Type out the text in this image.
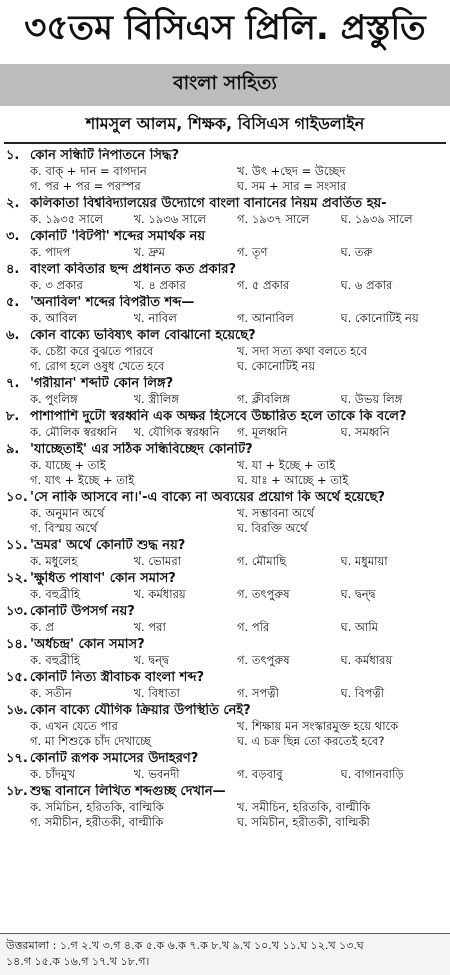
৩৫তম বিসিএস প্রিলি. প্রস্তুতি
বাংলা সাহিত্য
শামসুল আলম, শিক্ষক, বিসিএস গাইডলাইন
১. কোন সন্ধিটি নিপাতনে সিদ্ধ?
ক. বাক্ + দান = বাগদান	খ. উৎ +ছেদ = উচ্ছেদ
গ. পর + পর = পরস্পর	ঘ. সম + সার = সংসার
২. কলিকাতা বিশ্ববিদ্যালয়ের উদ্যোগে বাংলা বানানের নিয়ম প্রবর্তিত হয়-
ক. ১৯৩৫ সালে	খ. ১৯৩৬ সালে	গ. ১৯৩৭ সালে	ঘ. ১৯৩৯ সালে
৩. কোনটি 'বিটপী' শব্দের সমার্থক নয়
ক. পাদপ	খ. দ্রুম	গ. তৃণ	ঘ. তরু
৪. বাংলা কবিতার ছন্দ প্রধানত কত প্রকার?
ক. ৩ প্রকার	খ. ৪ প্রকার	গ. ৫ প্রকার	ঘ. ৬ প্রকার
৫. 'অনাবিল' শব্দের বিপরীত শব্দ—
ক. আবিল	খ. নাবিল	গ. আনাবিল	ঘ. কোনোটিই নয়
৬. কোন বাক্যে ভবিষ্যৎ কাল বোঝানো হয়েছে?
ক. চেষ্টা করে বুঝতে পারবে	খ. সদা সত্য কথা বলতে হবে
গ. রোগ হলে ওষুধ খেতে হবে	ঘ. কোনোটিই নয়
৭. 'গরীয়ান' শব্দটি কোন লিঙ্গ?
ক. পুংলিঙ্গ	খ. স্ত্রীলিঙ্গ	গ. ক্লীবলিঙ্গ	ঘ. উভয় লিঙ্গ
৮. পাশাপাশি দুটো স্বরধ্বনি এক অক্ষর হিসেবে উচ্চারিত হলে তাকে কি বলে?
ক. মৌলিক স্বরধ্বনি	খ. যৌগিক স্বরধ্বনি	গ. মূলধ্বনি	ঘ. সমধ্বনি
৯. 'যাচ্ছেতাই' এর সঠিক সন্ধিবিচ্ছেদ কোনটি?
ক. যাচ্ছে + তাই	খ. যা + ইচ্ছে + তাই
গ. যাৎ + ইচ্ছে + তাই	ঘ. যাঃ + আচ্ছে + তাই
১০. 'সে নাকি আসবে না।'-এ বাক্যে না অব্যয়ের প্রয়োগ কি অর্থে হয়েছে?
ক. অনুমান অর্থে	খ. সম্ভাবনা অর্থে
গ. বিস্ময় অর্থে	ঘ. বিরক্তি অর্থে
১১. 'ভ্রমর' অর্থে কোনটি শুদ্ধ নয়?
ক. মধুলেহ	খ. ভোমরা	গ. মৌমাছি	ঘ. মধুমায়া
১২. 'ক্ষুধিত পাষাণ' কোন সমাস?
ক. বহুব্রীহি	খ. কর্মধারয়	গ. তৎপুরুষ	ঘ. দ্বন্দ্ব
১৩. কোনটি উপসর্গ নয়?
ক. প্র	খ. পরা	গ. পরি	ঘ. আমি
১৪. 'অর্ধচন্দ্র' কোন সমাস?
ক. বহুব্রীহি	খ. দ্বন্দ্ব	গ. তৎপুরুষ	ঘ. কর্মধারয়
১৫. কোনটি নিত্য স্ত্রীবাচক বাংলা শব্দ?
ক. সতীন	খ. বিধাতা	গ. সপত্নী	ঘ. বিপত্নী
১৬. কোন বাক্যে যৌগিক ক্রিয়ার উপস্থিতি নেই?
ক. এখন যেতে পার	খ. শিক্ষায় মন সংস্কারমুক্ত হয়ে থাকে
গ. মা শিশুকে চাঁদ দেখাচ্ছে	ঘ. এ চক্র ছিন্ন তো করতেই হবে?
১৭. কোনটি রূপক সমাসের উদাহরণ?
ক. চাঁদমুখ	খ. ভবনদী	গ. বড়বাবু	ঘ. বাগানবাড়ি
১৮. শুদ্ধ বানানে লিখিত শব্দগুচ্ছ দেখান—
ক. সমিচিন, হরিতকি, বাল্মিকি	খ. সমীচিন, হরিতকি, বাল্মীকি
গ. সমীচীন, হরীতকী, বাল্মীকি	ঘ. সমিচীন, হরীতকী, বাল্মিকী
উত্তরমালা : ১.গ ২.খ ৩.গ ৪.ক ৫.ক ৬.ক ৭.ক ৮.খ ৯.খ ১০.খ ১১.ঘ ১২.খ ১৩.ঘ
১৪.গ ১৫.ক ১৬.গ ১৭.খ ১৮.গ।
